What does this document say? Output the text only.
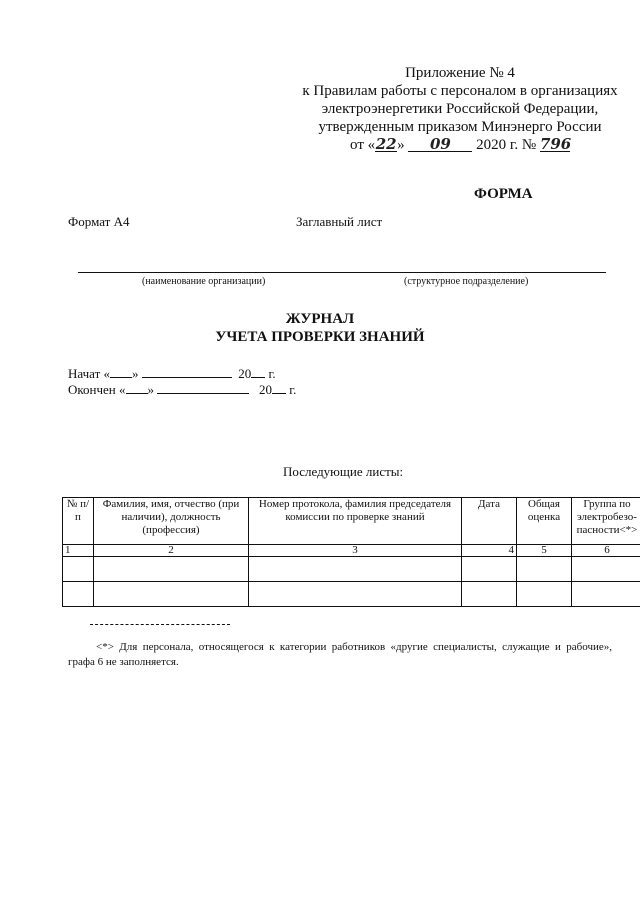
Приложение № 4
к Правилам работы с персоналом в организациях
электроэнергетики Российской Федерации,
утвержденным приказом Минэнерго России
от «22» 09 2020 г. № 796
ФОРМА
Формат А4	Заглавный лист
(наименование организации)	(структурное подразделение)
ЖУРНАЛ
УЧЕТА ПРОВЕРКИ ЗНАНИЙ
Начат « »	20 г.
Окончен « »	20 г.
Последующие листы:
№ п/п	Фамилия, имя, отчество (при наличии), должность (профессия)	Номер протокола, фамилия председателя комиссии по проверке знаний	Дата	Общая оценка	Группа по электробезо-пасности<*>
1	2	3	4	5	6

<*> Для персонала, относящегося к категории работников «другие специалисты, служащие и рабочие», графа 6 не заполняется.
